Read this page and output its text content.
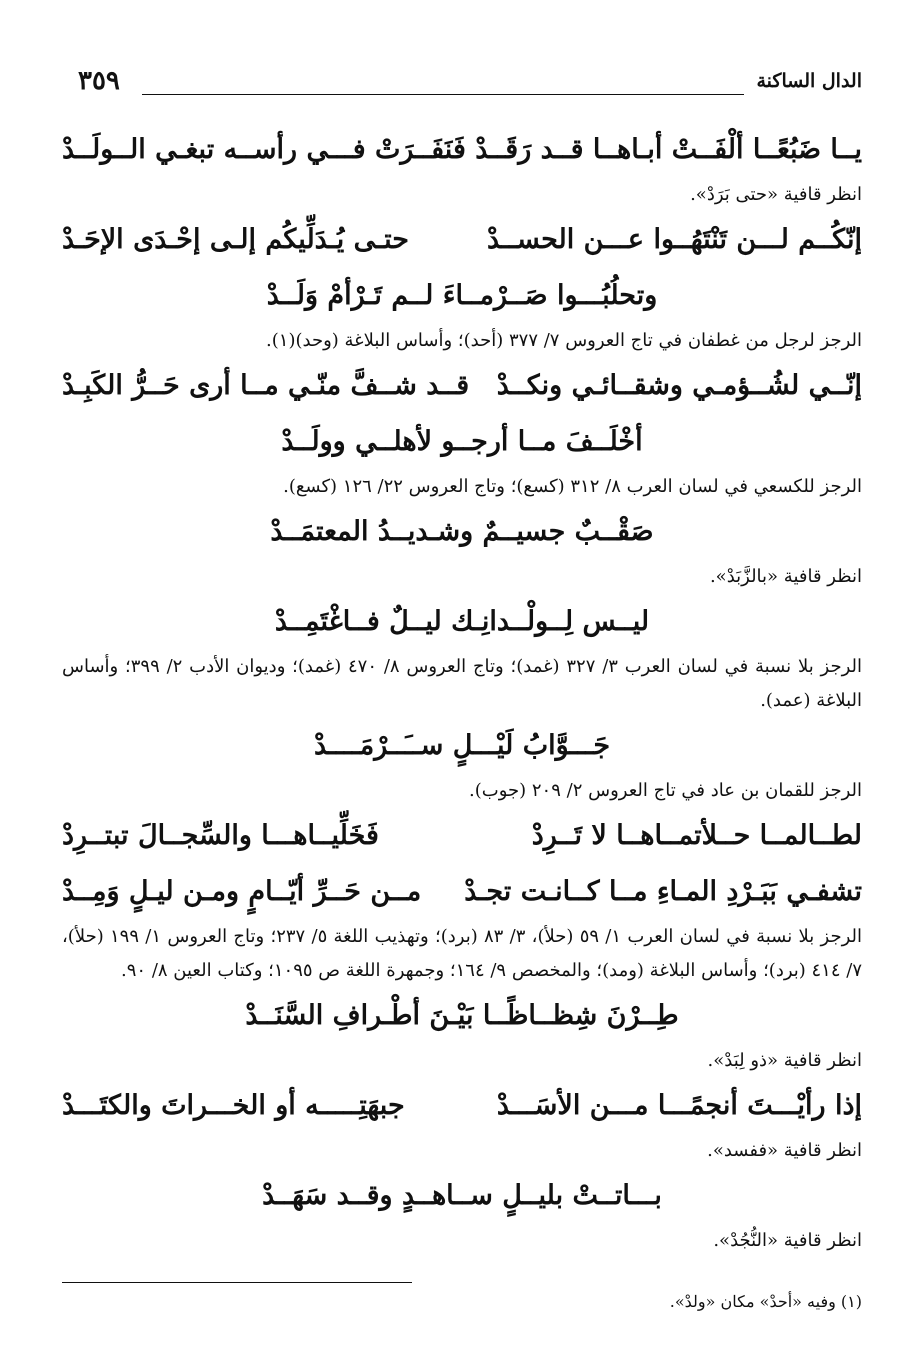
الدال الساكنة
٣٥٩
يــا ضَبُعًــا ألْفَــتْ أبـاهــا قــد رَقَــدْ
فَنَفَــرَتْ فـــي رأســه تبغـي الــولَــدْ
انظر قافية «حتى بَرَدْ».
إنّكُــم لـــن تَنْتَهُــوا عـــن الحســدْ
حتـى يُـدَلِّيكُم إلـى إحْـدَى الإحَـدْ
وتحلُبُـــوا صَــرْمــاءَ لــم تَـرْأمْ وَلَــدْ
الرجز لرجل من غطفان في تاج العروس ٧/ ٣٧٧ (أحد)؛ وأساس البلاغة (وحد)(١).
إنّــي لشُــؤمـي وشقــائـي ونكــدْ
قــد شــفَّ منّـي مــا أرى حَــرُّ الكَبِـدْ
أخْلَــفَ مــا أرجــو لأهلــي وولَــدْ
الرجز للكسعي في لسان العرب ٨/ ٣١٢ (كسع)؛ وتاج العروس ٢٢/ ١٢٦ (كسع).
صَقْــبٌ جسيــمٌ وشـديــدُ المعتمَــدْ
انظر قافية «بالزَّبَدْ».
ليــس لِــولْــدانِـك ليــلٌ فــاغْتَمِــدْ
الرجز بلا نسبة في لسان العرب ٣/ ٣٢٧ (غمد)؛ وتاج العروس ٨/ ٤٧٠ (غمد)؛ وديوان الأدب ٢/ ٣٩٩؛ وأساس البلاغة (عمد).
جَـــوَّابُ لَيْـــلٍ ســَــرْمَــــدْ
الرجز للقمان بن عاد في تاج العروس ٢/ ٢٠٩ (جوب).
لطــالمــا حــلأتمــاهــا لا تَــرِدْ
فَخَلِّيــاهـــا والسِّجــالَ تبتــرِدْ
تشفـي بَبَـرْدِ المـاءِ مــا كــانـت تجـدْ
مــن حَــرِّ أيّــامٍ ومـن ليـلٍ وَمِــدْ
الرجز بلا نسبة في لسان العرب ١/ ٥٩ (حلأ)، ٣/ ٨٣ (برد)؛ وتهذيب اللغة ٥/ ٢٣٧؛ وتاج العروس ١/ ١٩٩ (حلأ)، ٧/ ٤١٤ (برد)؛ وأساس البلاغة (ومد)؛ والمخصص ٩/ ١٦٤؛ وجمهرة اللغة ص ١٠٩٥؛ وكتاب العين ٨/ ٩٠.
طِــرْنَ شِظــاظًــا بَيْـنَ أطْـرافِ السَّنَــدْ
انظر قافية «ذو لِبَدْ».
إذا رأيْـــتَ أنجمًـــا مـــن الأسَـــدْ
جبهَتِـــــه أو الخـــراتَ والكتَـــدْ
انظر قافية «ففسد».
بـــاتــتْ بليــلٍ ســاهــدٍ وقــد سَهَــدْ
انظر قافية «النُّجُدْ».
(١) وفيه «أحدْ» مكان «ولدْ».
